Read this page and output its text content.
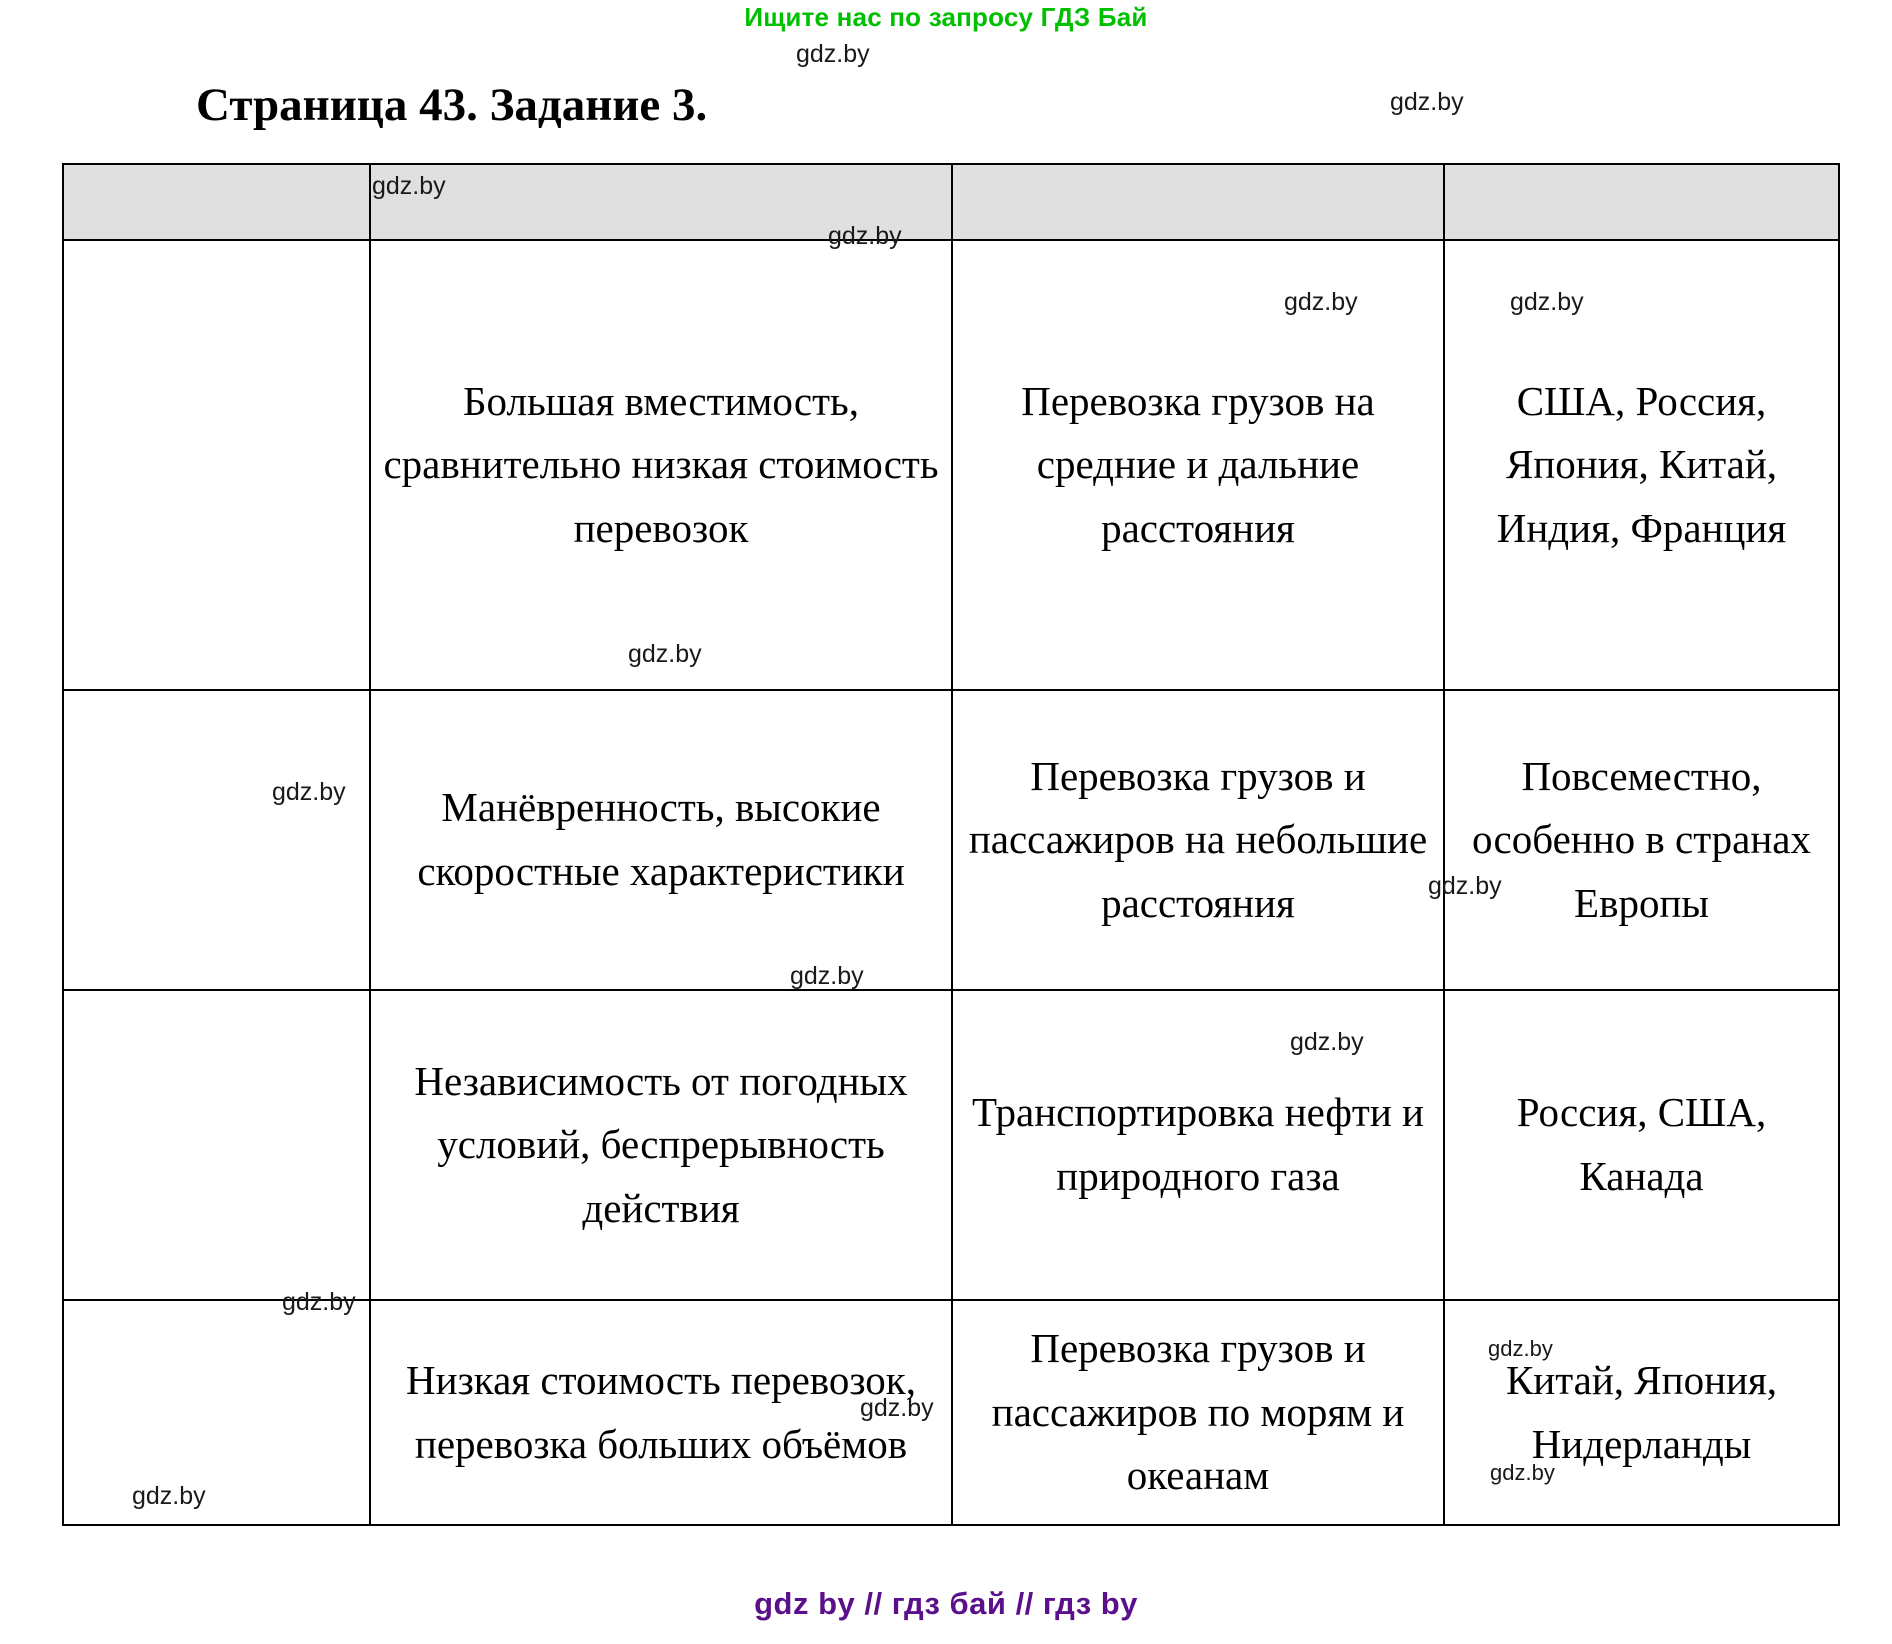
Ищите нас по запросу ГДЗ Бай
gdz.by
gdz.by
Страница 43. Задание 3.

	Большая вместимость, сравнительно низкая стоимость перевозок	Перевозка грузов на средние и дальние расстояния	США, Россия, Япония, Китай, Индия, Франция
	Манёвренность, высокие скоростные характеристики	Перевозка грузов и пассажиров на небольшие расстояния	Повсеместно, особенно в странах Европы
	Независимость от погодных условий, беспрерывность действия	Транспортировка нефти и природного газа	Россия, США, Канада
	Низкая стоимость перевозок, перевозка больших объёмов	Перевозка грузов и пассажиров по морям и океанам	Китай, Япония, Нидерланды
gdz.by
gdz.by
gdz.by	gdz.by
gdz.by
gdz.by
gdz.by
gdz.by
gdz.by
gdz.by
gdz.by
gdz.by
gdz.by
gdz.by
gdz by // гдз бай // гдз by
